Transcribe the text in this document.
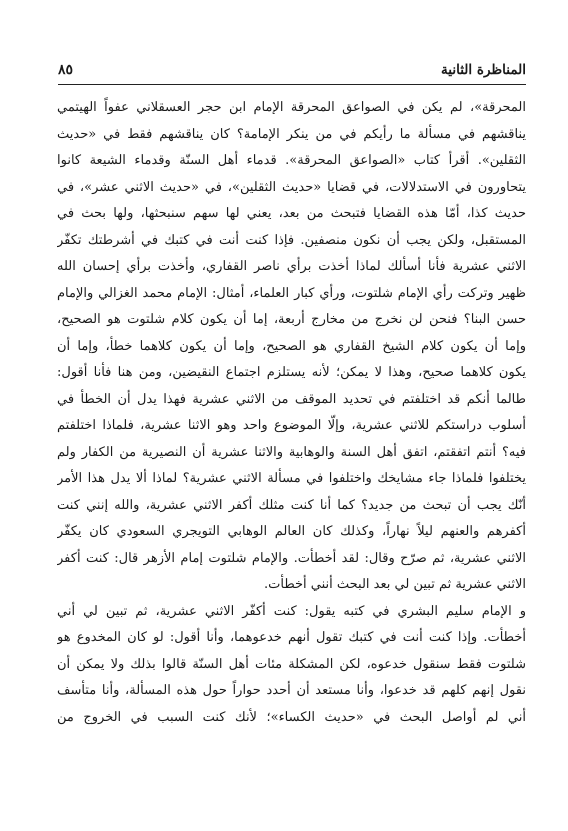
المناظرة الثانية
٨٥

المحرقة»، لم يكن في الصواعق المحرقة الإمام ابن حجر العسقلاني عفواً الهيتمي
يناقشهم في مسألة ما رأيكم في من ينكر الإمامة؟ كان يناقشهم فقط في «حديث
الثقلين». أقرأ كتاب «الصواعق المحرقة». قدماء أهل السنّة وقدماء الشيعة كانوا
يتحاورون في الاستدلالات، في قضايا «حديث الثقلين»، في «حديث الاثني عشر»، في
حديث كذا، أمّا هذه القضايا فتبحث من بعد، يعني لها سهم سنبحثها، ولها بحث في
المستقبل، ولكن يجب أن نكون منصفين. فإذا كنت أنت في كتبك في أشرطتك تكفّر
الاثني عشرية فأنا أسألك لماذا أخذت برأي ناصر القفاري، وأخذت برأي إحسان الله
ظهير وتركت رأي الإمام شلتوت، ورأي كبار العلماء، أمثال: الإمام محمد الغزالي والإمام
حسن البنا؟ فنحن لن نخرج من مخارج أربعة، إما أن يكون كلام شلتوت هو الصحيح،
وإما أن يكون كلام الشيخ القفاري هو الصحيح، وإما أن يكون كلاهما خطأ، وإما أن
يكون كلاهما صحيح، وهذا لا يمكن؛ لأنه يستلزم اجتماع النقيضين، ومن هنا فأنا أقول:
طالما أنكم قد اختلفتم في تحديد الموقف من الاثني عشرية فهذا يدل أن الخطأ في
أسلوب دراستكم للاثني عشرية، وإلّا الموضوع واحد وهو الاثنا عشرية، فلماذا اختلفتم
فيه؟ أنتم اتفقتم، اتفق أهل السنة والوهابية والاثنا عشرية أن النصيرية من الكفار ولم
يختلفوا فلماذا جاء مشايخك واختلفوا في مسألة الاثني عشرية؟ لماذا ألا يدل هذا الأمر
أنّك يجب أن تبحث من جديد؟ كما أنا كنت مثلك أكفر الاثني عشرية، والله إنني كنت
أكفرهم والعنهم ليلاً نهاراً، وكذلك كان العالم الوهابي التويجري السعودي كان يكفّر
الاثني عشرية، ثم صرّح وقال: لقد أخطأت. والإمام شلتوت إمام الأزهر قال: كنت أكفر
الاثني عشرية ثم تبين لي بعد البحث أنني أخطأت.

و الإمام سليم البشري في كتبه يقول: كنت أكفّر الاثني عشرية، ثم تبين لي أني
أخطأت. وإذا كنت أنت في كتبك تقول أنهم خدعوهما، وأنا أقول: لو كان المخدوع هو
شلتوت فقط سنقول خدعوه، لكن المشكلة مئات أهل السنّة قالوا بذلك ولا يمكن أن
نقول إنهم كلهم قد خدعوا، وأنا مستعد أن أحدد حواراً حول هذه المسألة، وأنا متأسف
أني لم أواصل البحث في «حديث الكساء»؛ لأنك كنت السبب في الخروج من
